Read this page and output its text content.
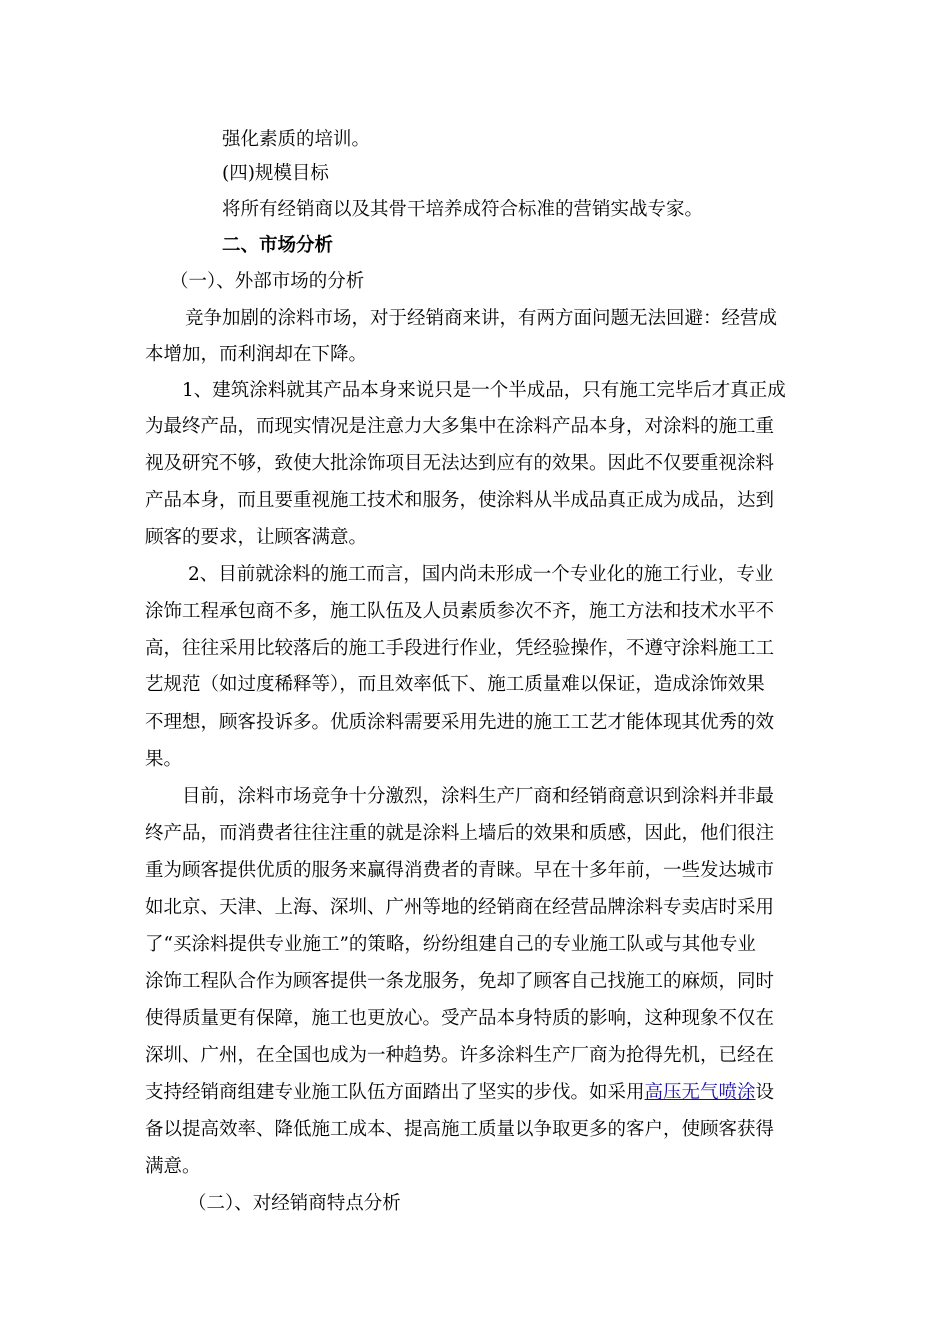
强化素质的培训。
(四)规模目标
将所有经销商以及其骨干培养成符合标准的营销实战专家。
二、市场分析
（一）、外部市场的分析
竞争加剧的涂料市场，对于经销商来讲，有两方面问题无法回避：经营成
本增加，而利润却在下降。
1、建筑涂料就其产品本身来说只是一个半成品，只有施工完毕后才真正成
为最终产品，而现实情况是注意力大多集中在涂料产品本身，对涂料的施工重
视及研究不够，致使大批涂饰项目无法达到应有的效果。因此不仅要重视涂料
产品本身，而且要重视施工技术和服务，使涂料从半成品真正成为成品，达到
顾客的要求，让顾客满意。
2、目前就涂料的施工而言，国内尚未形成一个专业化的施工行业，专业
涂饰工程承包商不多，施工队伍及人员素质参次不齐，施工方法和技术水平不
高，往往采用比较落后的施工手段进行作业，凭经验操作，不遵守涂料施工工
艺规范（如过度稀释等），而且效率低下、施工质量难以保证，造成涂饰效果
不理想，顾客投诉多。优质涂料需要采用先进的施工工艺才能体现其优秀的效
果。
目前，涂料市场竞争十分激烈，涂料生产厂商和经销商意识到涂料并非最
终产品，而消费者往往注重的就是涂料上墙后的效果和质感，因此，他们很注
重为顾客提供优质的服务来赢得消费者的青睐。早在十多年前，一些发达城市
如北京、天津、上海、深圳、广州等地的经销商在经营品牌涂料专卖店时采用
了“买涂料提供专业施工”的策略，纷纷组建自己的专业施工队或与其他专业
涂饰工程队合作为顾客提供一条龙服务，免却了顾客自己找施工的麻烦，同时
使得质量更有保障，施工也更放心。受产品本身特质的影响，这种现象不仅在
深圳、广州，在全国也成为一种趋势。许多涂料生产厂商为抢得先机，已经在
支持经销商组建专业施工队伍方面踏出了坚实的步伐。如采用高压无气喷涂设
备以提高效率、降低施工成本、提高施工质量以争取更多的客户，使顾客获得
满意。
（二）、对经销商特点分析
